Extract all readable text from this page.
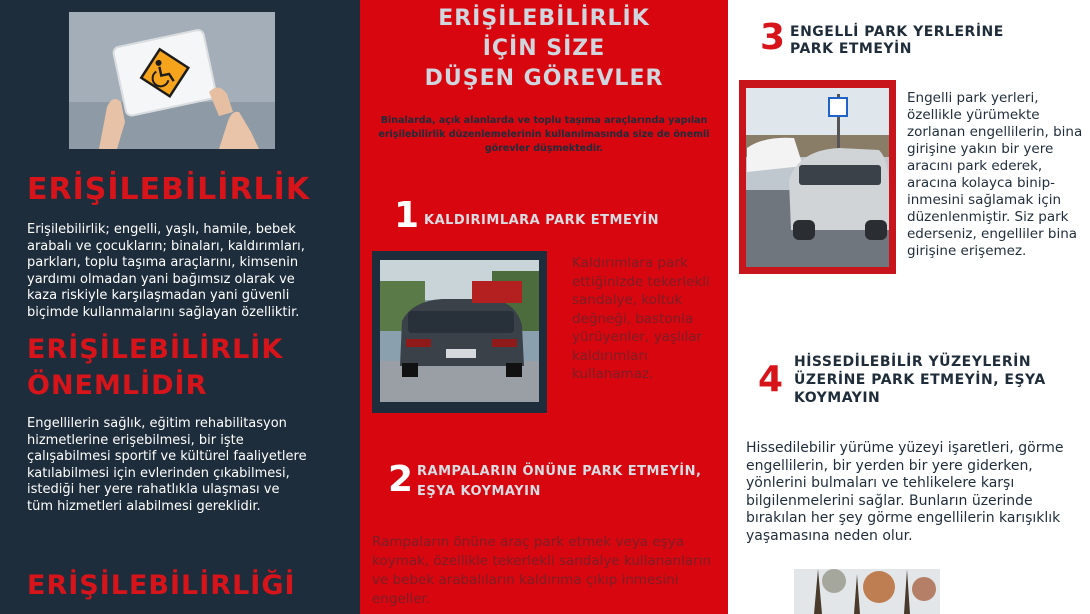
ERİŞİLEBİLİRLİK
Erişilebilirlik; engelli, yaşlı, hamile, bebek arabalı ve çocukların; binaları, kaldırımları, parkları, toplu taşıma araçlarını, kimsenin yardımı olmadan yani bağımsız olarak ve kaza riskiyle karşılaşmadan yani güvenli biçimde kullanmalarını sağlayan özelliktir.
ERİŞİLEBİLİRLİK
ÖNEMLİDİR
Engellilerin sağlık, eğitim rehabilitasyon hizmetlerine erişebilmesi, bir işte çalışabilmesi sportif ve kültürel faaliyetlere katılabilmesi için evlerinden çıkabilmesi, istediği her yere rahatlıkla ulaşması ve tüm hizmetleri alabilmesi gereklidir.
ERİŞİLEBİLİRLİĞİ
ERİŞİLEBİLİRLİK
İÇİN SİZE
DÜŞEN GÖREVLER
Binalarda, açık alanlarda ve toplu taşıma araçlarında yapılan erişilebilirlik düzenlemelerinin kullanılmasında size de önemli görevler düşmektedir.
1 KALDIRIMLARA PARK ETMEYİN
Kaldırımlara park ettiğinizde tekerlekli sandalye, koltuk değneği, bastonla yürüyenler, yaşlılar kaldırımları kullanamaz.
2 RAMPALARIN ÖNÜNE PARK ETMEYİN, EŞYA KOYMAYIN
Rampaların önüne araç park etmek veya eşya koymak, özellikle tekerlekli sandalye kullananların ve bebek arabalıların kaldırıma çıkıp inmesini engeller.
3 ENGELLİ PARK YERLERİNE
PARK ETMEYİN
Engelli park yerleri, özellikle yürümekte zorlanan engellilerin, bina girişine yakın bir yere aracını park ederek, aracına kolayca binip-inmesini sağlamak için düzenlenmiştir. Siz park ederseniz, engelliler bina girişine erişemez.
4 HİSSEDİLEBİLİR YÜZEYLERİN ÜZERİNE PARK ETMEYİN, EŞYA KOYMAYIN
Hissedilebilir yürüme yüzeyi işaretleri, görme engellilerin, bir yerden bir yere giderken, yönlerini bulmaları ve tehlikelere karşı bilgilenmelerini sağlar. Bunların üzerinde bırakılan her şey görme engellilerin karışıklık yaşamasına neden olur.
